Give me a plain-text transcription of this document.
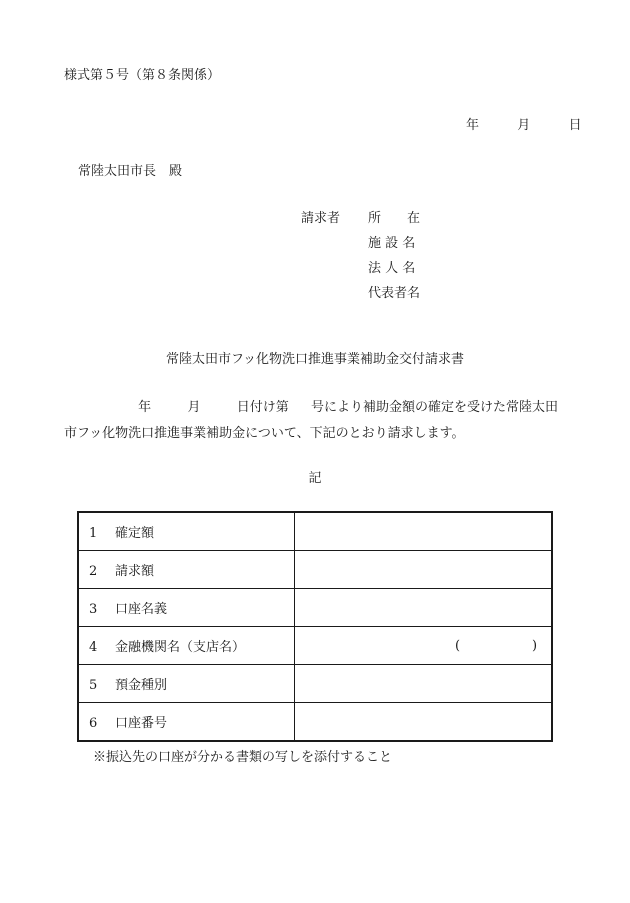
様式第５号（第８条関係）
年	月	日
常陸太田市長　殿
請求者 所　　在
施 設 名
法 人 名
代表者名
常陸太田市フッ化物洗口推進事業補助金交付請求書
年	月	日付け第 号により補助金額の確定を受けた常陸太田
市フッ化物洗口推進事業補助金について、下記のとおり請求します。
記
1 確定額	
2 請求額	
3 口座名義	
4 金融機関名（支店名）	( )

5 預金種別	
6 口座番号	
※振込先の口座が分かる書類の写しを添付すること
